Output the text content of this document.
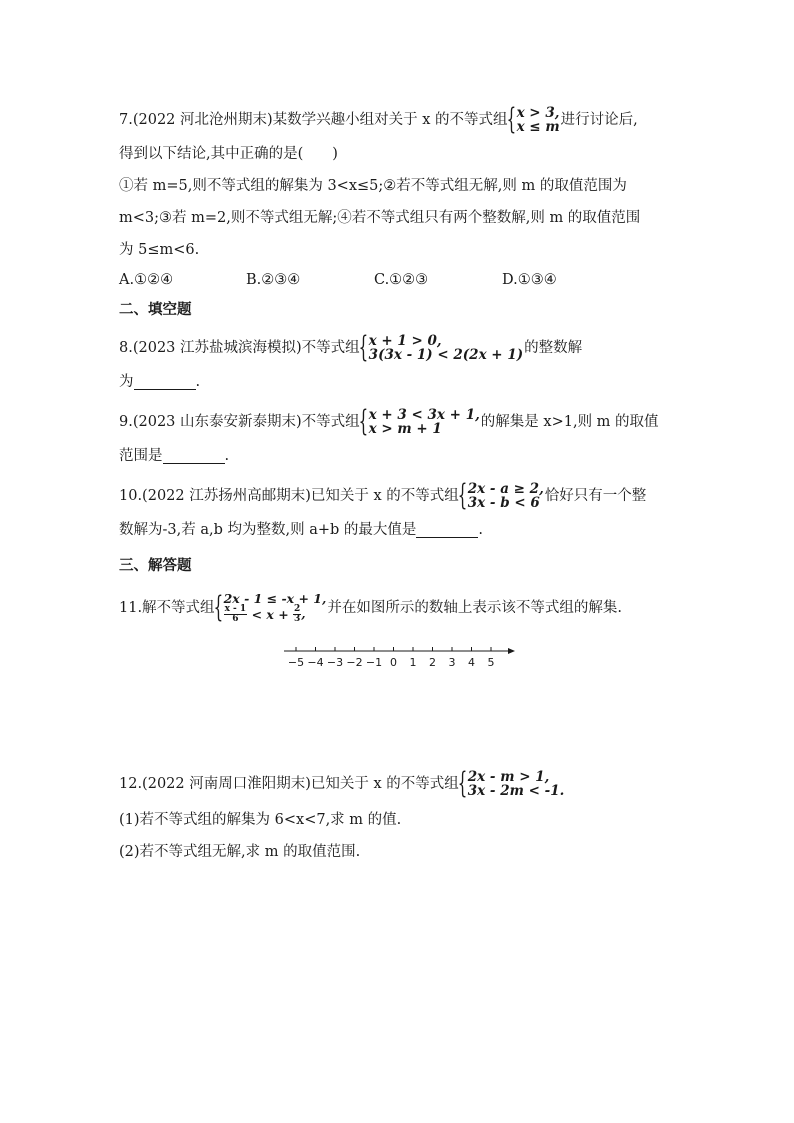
7.(2022 河北沧州期末)某数学兴趣小组对关于 x 的不等式组 { x > 3,
x ≤ m 进行讨论后,
得到以下结论,其中正确的是(　　)
①若 m=5,则不等式组的解集为 3<x≤5;②若不等式组无解,则 m 的取值范围为
m<3;③若 m=2,则不等式组无解;④若不等式组只有两个整数解,则 m 的取值范围
为 5≤m<6.
A.①②④	B.②③④	C.①②③	D.①③④
二、填空题
8.(2023 江苏盐城滨海模拟)不等式组 { x + 1 > 0,
3(3x - 1) < 2(2x + 1) 的整数解
为	.
9.(2023 山东泰安新泰期末)不等式组 { x + 3 < 3x + 1,
x > m + 1	的解集是 x>1,则 m 的取值
范围是	.
10.(2022 江苏扬州高邮期末)已知关于 x 的不等式组 { 2x - a ≥ 2,
3x - b < 6 恰好只有一个整
数解为-3,若 a,b 均为整数,则 a+b 的最大值是	.
三、解答题
11.解不等式组
{ 2x - 1 ≤ -x + 1,
$\frac{x - 1}{6} < x + \frac{2}{3}$ ,	并在如图所示的数轴上表示该不等式组的解集.
−5 −4 −3 −2 −1 0 1 2 3 4 5
12.(2022 河南周口淮阳期末)已知关于 x 的不等式组 { 2x - m > 1,
3x - 2m < -1.
(1)若不等式组的解集为 6<x<7,求 m 的值.
(2)若不等式组无解,求 m 的取值范围.
